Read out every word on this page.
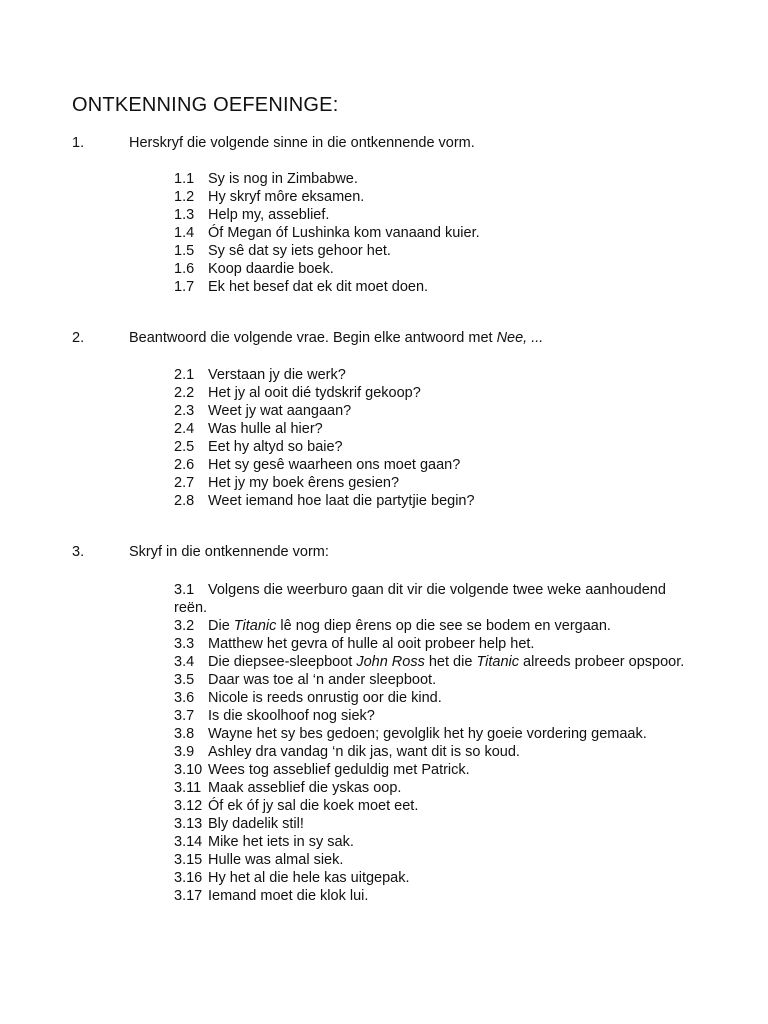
ONTKENNING OEFENINGE:
1.	Herskryf die volgende sinne in die ontkennende vorm.
1.1 Sy is nog in Zimbabwe.
1.2 Hy skryf môre eksamen.
1.3 Help my, asseblief.
1.4 Óf Megan óf Lushinka kom vanaand kuier.
1.5 Sy sê dat sy iets gehoor het.
1.6 Koop daardie boek.
1.7 Ek het besef dat ek dit moet doen.
2.	Beantwoord die volgende vrae. Begin elke antwoord met Nee, ...
2.1 Verstaan jy die werk?
2.2 Het jy al ooit dié tydskrif gekoop?
2.3 Weet jy wat aangaan?
2.4 Was hulle al hier?
2.5 Eet hy altyd so baie?
2.6 Het sy gesê waarheen ons moet gaan?
2.7 Het jy my boek êrens gesien?
2.8 Weet iemand hoe laat die partytjie begin?
3.	Skryf in die ontkennende vorm:
3.1 Volgens die weerburo gaan dit vir die volgende twee weke aanhoudend reën.
3.2 Die Titanic lê nog diep êrens op die see se bodem en vergaan.
3.3 Matthew het gevra of hulle al ooit probeer help het.
3.4 Die diepsee-sleepboot John Ross het die Titanic alreeds probeer opspoor.
3.5 Daar was toe al ‘n ander sleepboot.
3.6 Nicole is reeds onrustig oor die kind.
3.7 Is die skoolhoof nog siek?
3.8 Wayne het sy bes gedoen; gevolglik het hy goeie vordering gemaak.
3.9 Ashley dra vandag ‘n dik jas, want dit is so koud.
3.10 Wees tog asseblief geduldig met Patrick.
3.11 Maak asseblief die yskas oop.
3.12 Óf ek óf jy sal die koek moet eet.
3.13 Bly dadelik stil!
3.14 Mike het iets in sy sak.
3.15 Hulle was almal siek.
3.16 Hy het al die hele kas uitgepak.
3.17 Iemand moet die klok lui.
